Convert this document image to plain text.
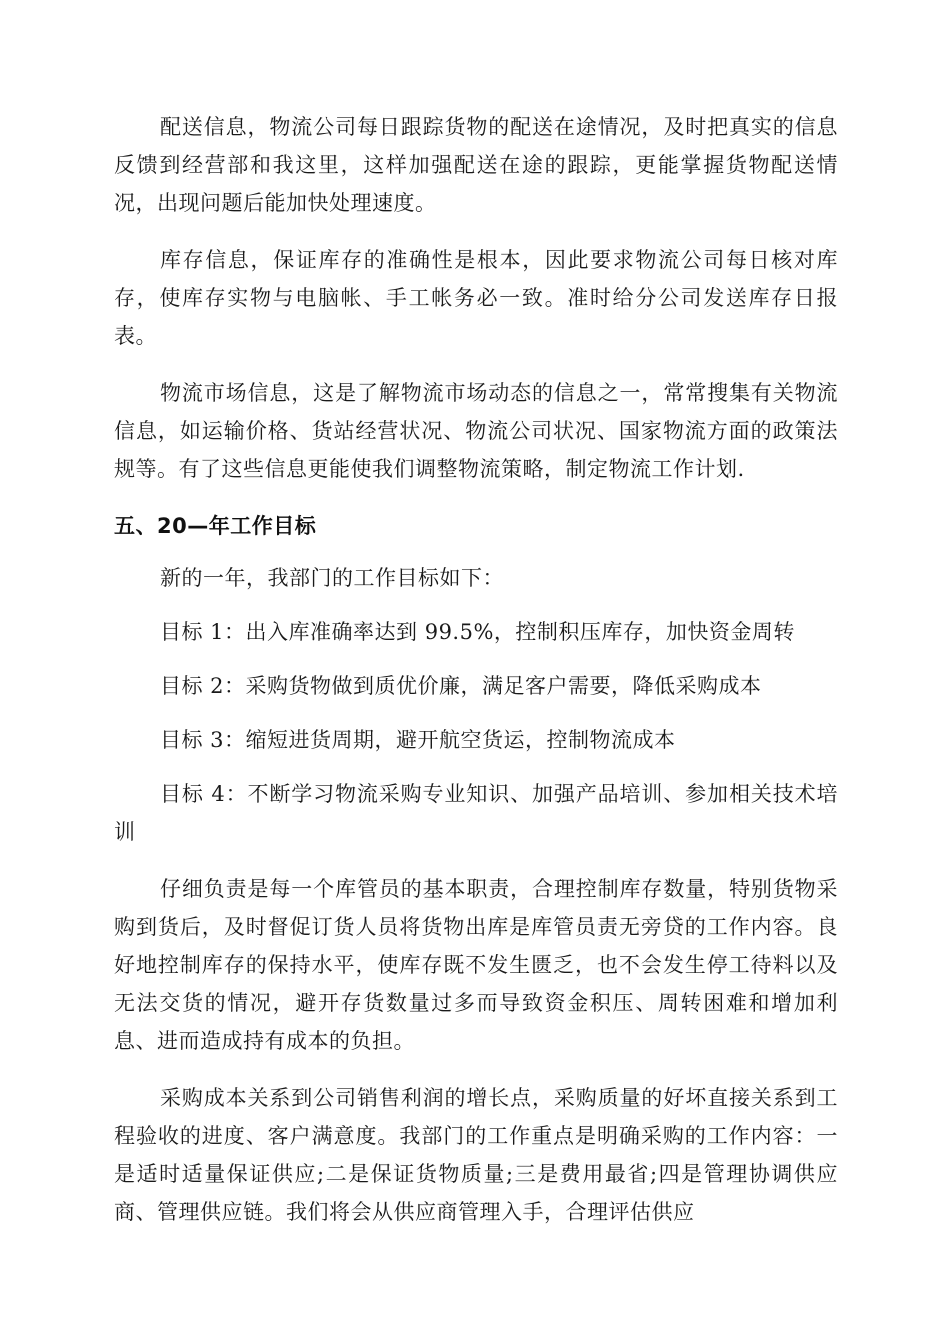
配送信息，物流公司每日跟踪货物的配送在途情况，及时把真实的信息反馈到经营部和我这里，这样加强配送在途的跟踪，更能掌握货物配送情况，出现问题后能加快处理速度。

库存信息，保证库存的准确性是根本，因此要求物流公司每日核对库存，使库存实物与电脑帐、手工帐务必一致。准时给分公司发送库存日报表。

物流市场信息，这是了解物流市场动态的信息之一，常常搜集有关物流信息，如运输价格、货站经营状况、物流公司状况、国家物流方面的政策法规等。有了这些信息更能使我们调整物流策略，制定物流工作计划.

五、20—年工作目标

新的一年，我部门的工作目标如下：

目标 1：出入库准确率达到 99.5%，控制积压库存，加快资金周转

目标 2：采购货物做到质优价廉，满足客户需要，降低采购成本

目标 3：缩短进货周期，避开航空货运，控制物流成本

目标 4：不断学习物流采购专业知识、加强产品培训、参加相关技术培训

仔细负责是每一个库管员的基本职责，合理控制库存数量，特别货物采购到货后，及时督促订货人员将货物出库是库管员责无旁贷的工作内容。良好地控制库存的保持水平，使库存既不发生匮乏，也不会发生停工待料以及无法交货的情况，避开存货数量过多而导致资金积压、周转困难和增加利息、进而造成持有成本的负担。

采购成本关系到公司销售利润的增长点，采购质量的好坏直接关系到工程验收的进度、客户满意度。我部门的工作重点是明确采购的工作内容：一是适时适量保证供应;二是保证货物质量;三是费用最省;四是管理协调供应商、管理供应链。我们将会从供应商管理入手，合理评估供应
